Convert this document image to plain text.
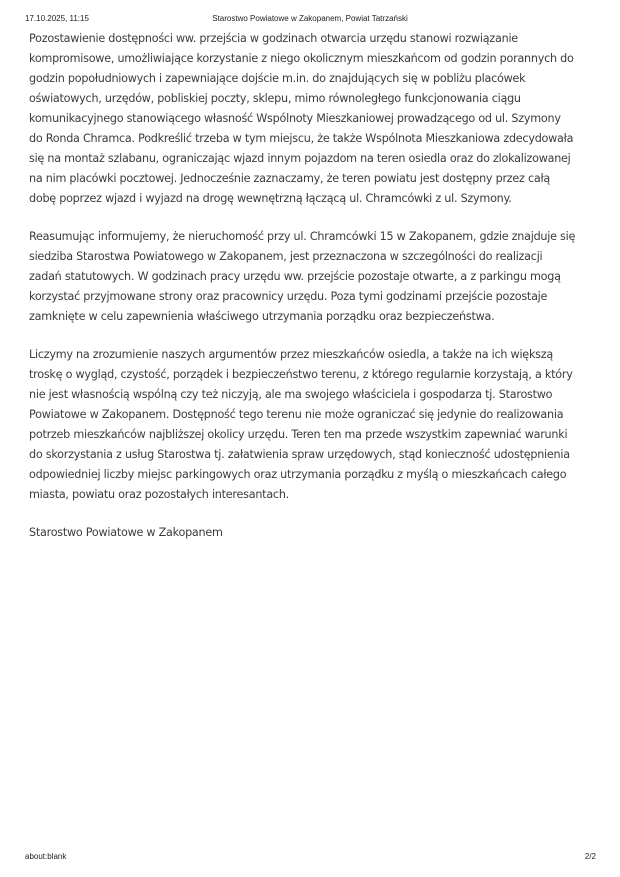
17.10.2025, 11:15	Starostwo Powiatowe w Zakopanem, Powiat Tatrzański

Pozostawienie dostępności ww. przejścia w godzinach otwarcia urzędu stanowi rozwiązanie
kompromisowe, umożliwiające korzystanie z niego okolicznym mieszkańcom od godzin porannych do
godzin popołudniowych i zapewniające dojście m.in. do znajdujących się w pobliżu placówek
oświatowych, urzędów, pobliskiej poczty, sklepu, mimo równoległego funkcjonowania ciągu
komunikacyjnego stanowiącego własność Wspólnoty Mieszkaniowej prowadzącego od ul. Szymony
do Ronda Chramca. Podkreślić trzeba w tym miejscu, że także Wspólnota Mieszkaniowa zdecydowała
się na montaż szlabanu, ograniczając wjazd innym pojazdom na teren osiedla oraz do zlokalizowanej
na nim placówki pocztowej. Jednocześnie zaznaczamy, że teren powiatu jest dostępny przez całą
dobę poprzez wjazd i wyjazd na drogę wewnętrzną łączącą ul. Chramcówki z ul. Szymony.

Reasumując informujemy, że nieruchomość przy ul. Chramcówki 15 w Zakopanem, gdzie znajduje się
siedziba Starostwa Powiatowego w Zakopanem, jest przeznaczona w szczególności do realizacji
zadań statutowych. W godzinach pracy urzędu ww. przejście pozostaje otwarte, a z parkingu mogą
korzystać przyjmowane strony oraz pracownicy urzędu. Poza tymi godzinami przejście pozostaje
zamknięte w celu zapewnienia właściwego utrzymania porządku oraz bezpieczeństwa.

Liczymy na zrozumienie naszych argumentów przez mieszkańców osiedla, a także na ich większą
troskę o wygląd, czystość, porządek i bezpieczeństwo terenu, z którego regularnie korzystają, a który
nie jest własnością wspólną czy też niczyją, ale ma swojego właściciela i gospodarza tj. Starostwo
Powiatowe w Zakopanem. Dostępność tego terenu nie może ograniczać się jedynie do realizowania
potrzeb mieszkańców najbliższej okolicy urzędu. Teren ten ma przede wszystkim zapewniać warunki
do skorzystania z usług Starostwa tj. załatwienia spraw urzędowych, stąd konieczność udostępnienia
odpowiedniej liczby miejsc parkingowych oraz utrzymania porządku z myślą o mieszkańcach całego
miasta, powiatu oraz pozostałych interesantach.

Starostwo Powiatowe w Zakopanem

about:blank	2/2
